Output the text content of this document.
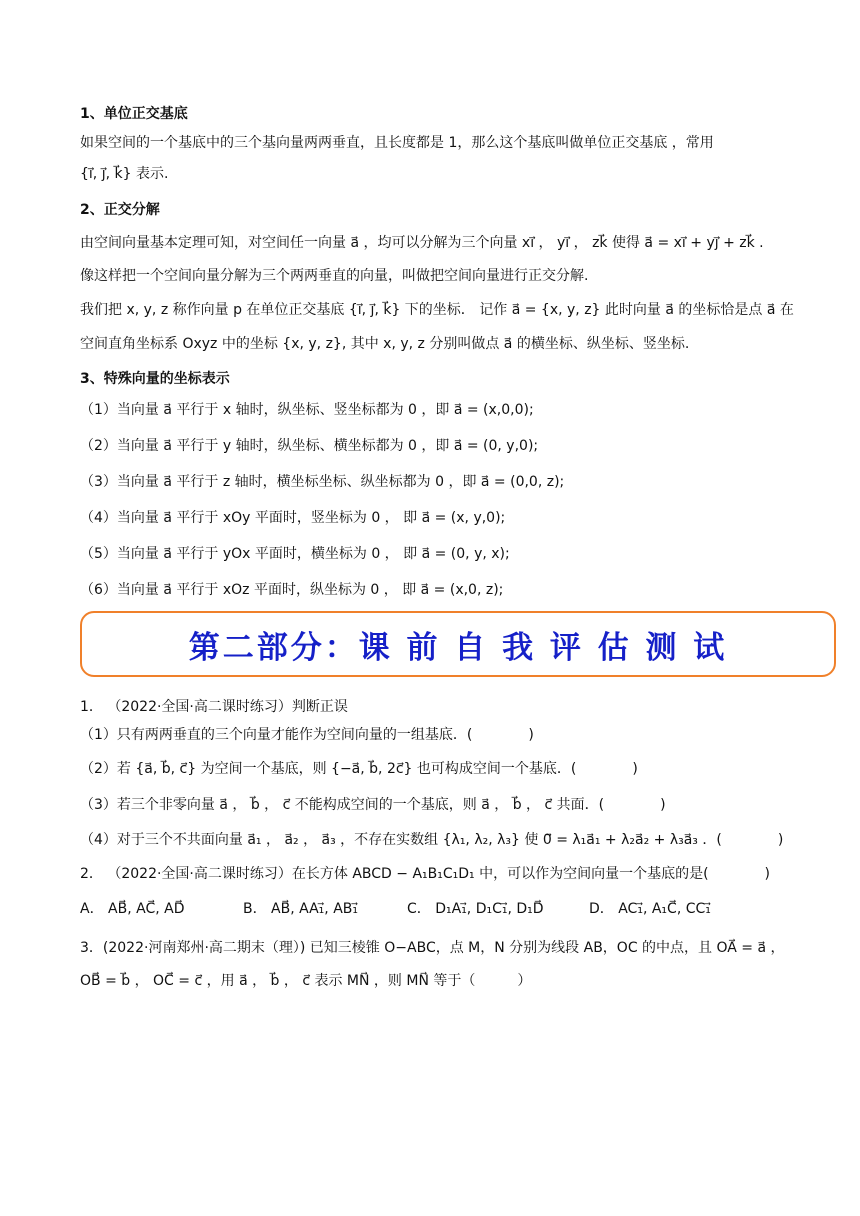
1、单位正交基底
如果空间的一个基底中的三个基向量两两垂直，且长度都是 1，那么这个基底叫做单位正交基底 ，常用
{i⃗, j⃗, k⃗} 表示.
2、正交分解
由空间向量基本定理可知，对空间任一向量 a⃗ ，均可以分解为三个向量 xi⃗ ， yi⃗ ， zk⃗ 使得 a⃗ = xi⃗ + yj⃗ + zk⃗ .
像这样把一个空间向量分解为三个两两垂直的向量，叫做把空间向量进行正交分解.
我们把 x, y, z 称作向量 p 在单位正交基底 {i⃗, j⃗, k⃗} 下的坐标． 记作 a⃗ = {x, y, z} 此时向量 a⃗ 的坐标恰是点 a⃗ 在
空间直角坐标系 Oxyz 中的坐标 {x, y, z}, 其中 x, y, z 分别叫做点 a⃗ 的横坐标、纵坐标、竖坐标.
3、特殊向量的坐标表示
（1）当向量 a⃗ 平行于 x 轴时，纵坐标、竖坐标都为 0 ，即 a⃗ = (x,0,0);
（2）当向量 a⃗ 平行于 y 轴时，纵坐标、横坐标都为 0 ，即 a⃗ = (0, y,0);
（3）当向量 a⃗ 平行于 z 轴时，横坐标坐标、纵坐标都为 0 ，即 a⃗ = (0,0, z);
（4）当向量 a⃗ 平行于 xOy 平面时，竖坐标为 0 ， 即 a⃗ = (x, y,0);
（5）当向量 a⃗ 平行于 yOx 平面时，横坐标为 0 ， 即 a⃗ = (0, y, x);
（6）当向量 a⃗ 平行于 xOz 平面时，纵坐标为 0 ， 即 a⃗ = (x,0, z);
第二部分：课 前 自 我 评 估 测 试
1． （2022·全国·高二课时练习）判断正误
（1）只有两两垂直的三个向量才能作为空间向量的一组基底．(　　　　)
（2）若 {a⃗, b⃗, c⃗} 为空间一个基底，则 {−a⃗, b⃗, 2c⃗} 也可构成空间一个基底．(　　　　)
（3）若三个非零向量 a⃗ ， b⃗ ， c⃗ 不能构成空间的一个基底，则 a⃗ ， b⃗ ， c⃗ 共面．(　　　　)
（4）对于三个不共面向量 a⃗₁ ， a⃗₂ ， a⃗₃ ，不存在实数组 {λ₁, λ₂, λ₃} 使 0⃗ = λ₁a⃗₁ + λ₂a⃗₂ + λ₃a⃗₃ ．(　　　　)
2． （2022·全国·高二课时练习）在长方体 ABCD − A₁B₁C₁D₁ 中，可以作为空间向量一个基底的是(　　　　)
A． AB⃗, AC⃗, AD⃗	B． AB⃗, AA₁⃗, AB₁⃗	C． D₁A₁⃗, D₁C₁⃗, D₁D⃗	D． AC₁⃗, A₁C⃗, CC₁⃗
3．(2022·河南郑州·高二期末（理）) 已知三棱锥 O−ABC，点 M，N 分别为线段 AB，OC 的中点，且 OA⃗ = a⃗ ，
OB⃗ = b⃗ ， OC⃗ = c⃗ ，用 a⃗ ， b⃗ ， c⃗ 表示 MN⃗ ，则 MN⃗ 等于（　　　）
